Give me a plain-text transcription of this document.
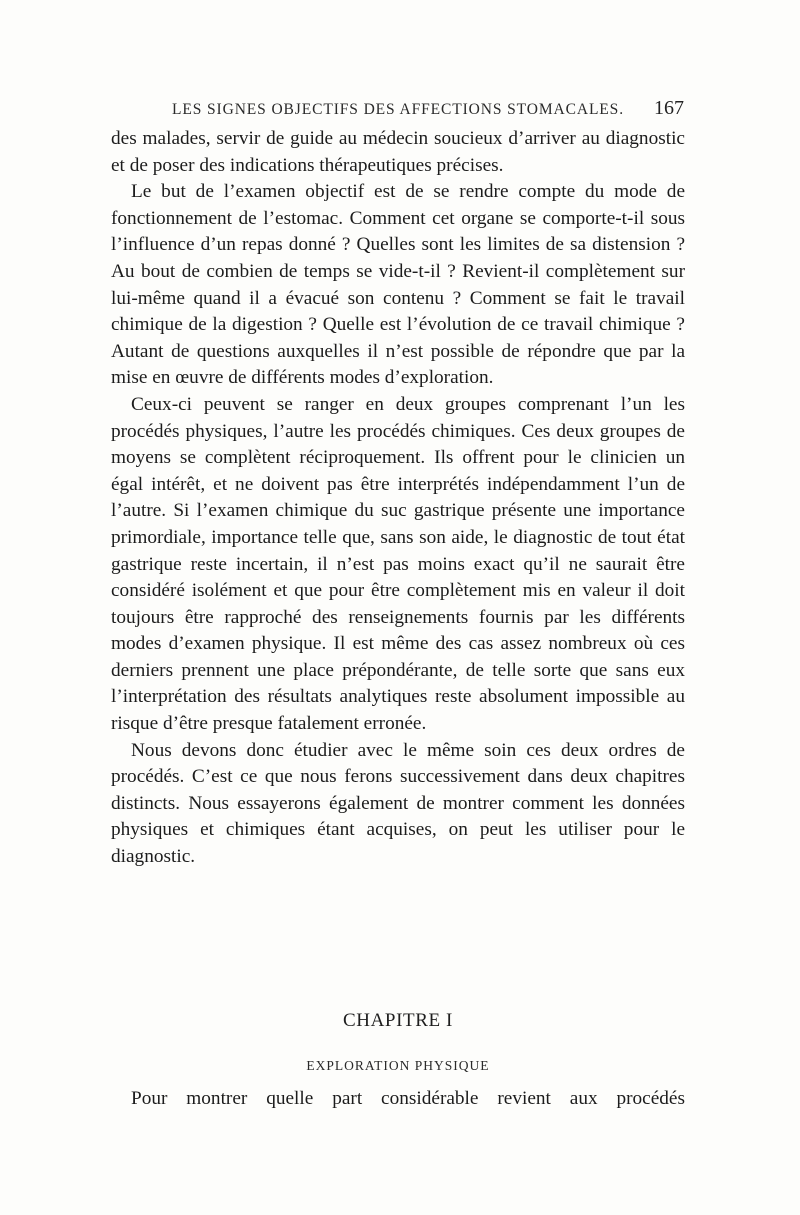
LES SIGNES OBJECTIFS DES AFFECTIONS STOMACALES. 167

des malades, servir de guide au médecin soucieux d’arriver au diagnostic et de poser des indications thérapeutiques précises.

Le but de l’examen objectif est de se rendre compte du mode de fonctionnement de l’estomac. Comment cet organe se comporte-t-il sous l’influence d’un repas donné ? Quelles sont les limites de sa distension ? Au bout de combien de temps se vide-t-il ? Revient-il complètement sur lui-même quand il a évacué son contenu ? Comment se fait le travail chimique de la digestion ? Quelle est l’évolution de ce travail chimique ? Autant de questions auxquelles il n’est possible de répondre que par la mise en œuvre de différents modes d’exploration.

Ceux-ci peuvent se ranger en deux groupes comprenant l’un les procédés physiques, l’autre les procédés chimiques. Ces deux groupes de moyens se complètent réciproquement. Ils offrent pour le clinicien un égal intérêt, et ne doivent pas être interprétés indépendamment l’un de l’autre. Si l’examen chimique du suc gastrique présente une importance primordiale, importance telle que, sans son aide, le diagnostic de tout état gastrique reste incertain, il n’est pas moins exact qu’il ne saurait être considéré isolément et que pour être complètement mis en valeur il doit toujours être rapproché des renseignements fournis par les différents modes d’examen physique. Il est même des cas assez nombreux où ces derniers prennent une place prépondérante, de telle sorte que sans eux l’interprétation des résultats analytiques reste absolument impossible au risque d’être presque fatalement erronée.

Nous devons donc étudier avec le même soin ces deux ordres de procédés. C’est ce que nous ferons successivement dans deux chapitres distincts. Nous essayerons également de montrer comment les données physiques et chimiques étant acquises, on peut les utiliser pour le diagnostic.

CHAPITRE I
EXPLORATION PHYSIQUE
Pour montrer quelle part considérable revient aux procédés
